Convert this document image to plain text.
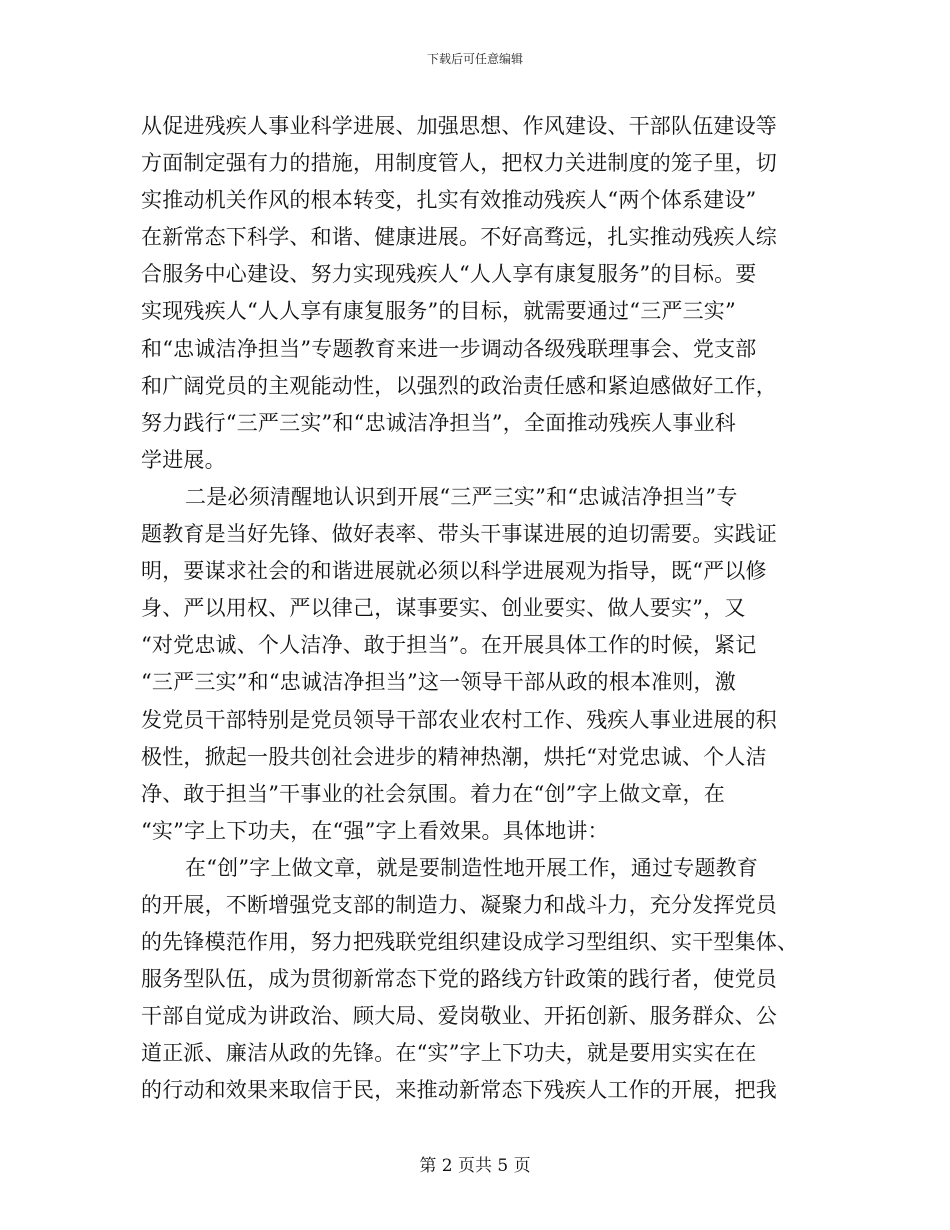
下载后可任意编辑
从促进残疾人事业科学进展、加强思想、作风建设、干部队伍建设等
方面制定强有力的措施，用制度管人，把权力关进制度的笼子里，切
实推动机关作风的根本转变，扎实有效推动残疾人“两个体系建设”
在新常态下科学、和谐、健康进展。不好高骛远，扎实推动残疾人综
合服务中心建设、努力实现残疾人“人人享有康复服务”的目标。要
实现残疾人“人人享有康复服务”的目标，就需要通过“三严三实”
和“忠诚洁净担当”专题教育来进一步调动各级残联理事会、党支部
和广阔党员的主观能动性，以强烈的政治责任感和紧迫感做好工作，
努力践行“三严三实”和“忠诚洁净担当”，全面推动残疾人事业科
学进展。
二是必须清醒地认识到开展“三严三实”和“忠诚洁净担当”专
题教育是当好先锋、做好表率、带头干事谋进展的迫切需要。实践证
明，要谋求社会的和谐进展就必须以科学进展观为指导，既“严以修
身、严以用权、严以律己，谋事要实、创业要实、做人要实”，又
“对党忠诚、个人洁净、敢于担当”。在开展具体工作的时候，紧记
“三严三实”和“忠诚洁净担当”这一领导干部从政的根本准则，激
发党员干部特别是党员领导干部农业农村工作、残疾人事业进展的积
极性，掀起一股共创社会进步的精神热潮，烘托“对党忠诚、个人洁
净、敢于担当”干事业的社会氛围。着力在“创”字上做文章，在
“实”字上下功夫，在“强”字上看效果。具体地讲：
在“创”字上做文章，就是要制造性地开展工作，通过专题教育
的开展，不断增强党支部的制造力、凝聚力和战斗力，充分发挥党员
的先锋模范作用，努力把残联党组织建设成学习型组织、实干型集体、
服务型队伍，成为贯彻新常态下党的路线方针政策的践行者，使党员
干部自觉成为讲政治、顾大局、爱岗敬业、开拓创新、服务群众、公
道正派、廉洁从政的先锋。在“实”字上下功夫，就是要用实实在在
的行动和效果来取信于民，来推动新常态下残疾人工作的开展，把我
第 2 页共 5 页
